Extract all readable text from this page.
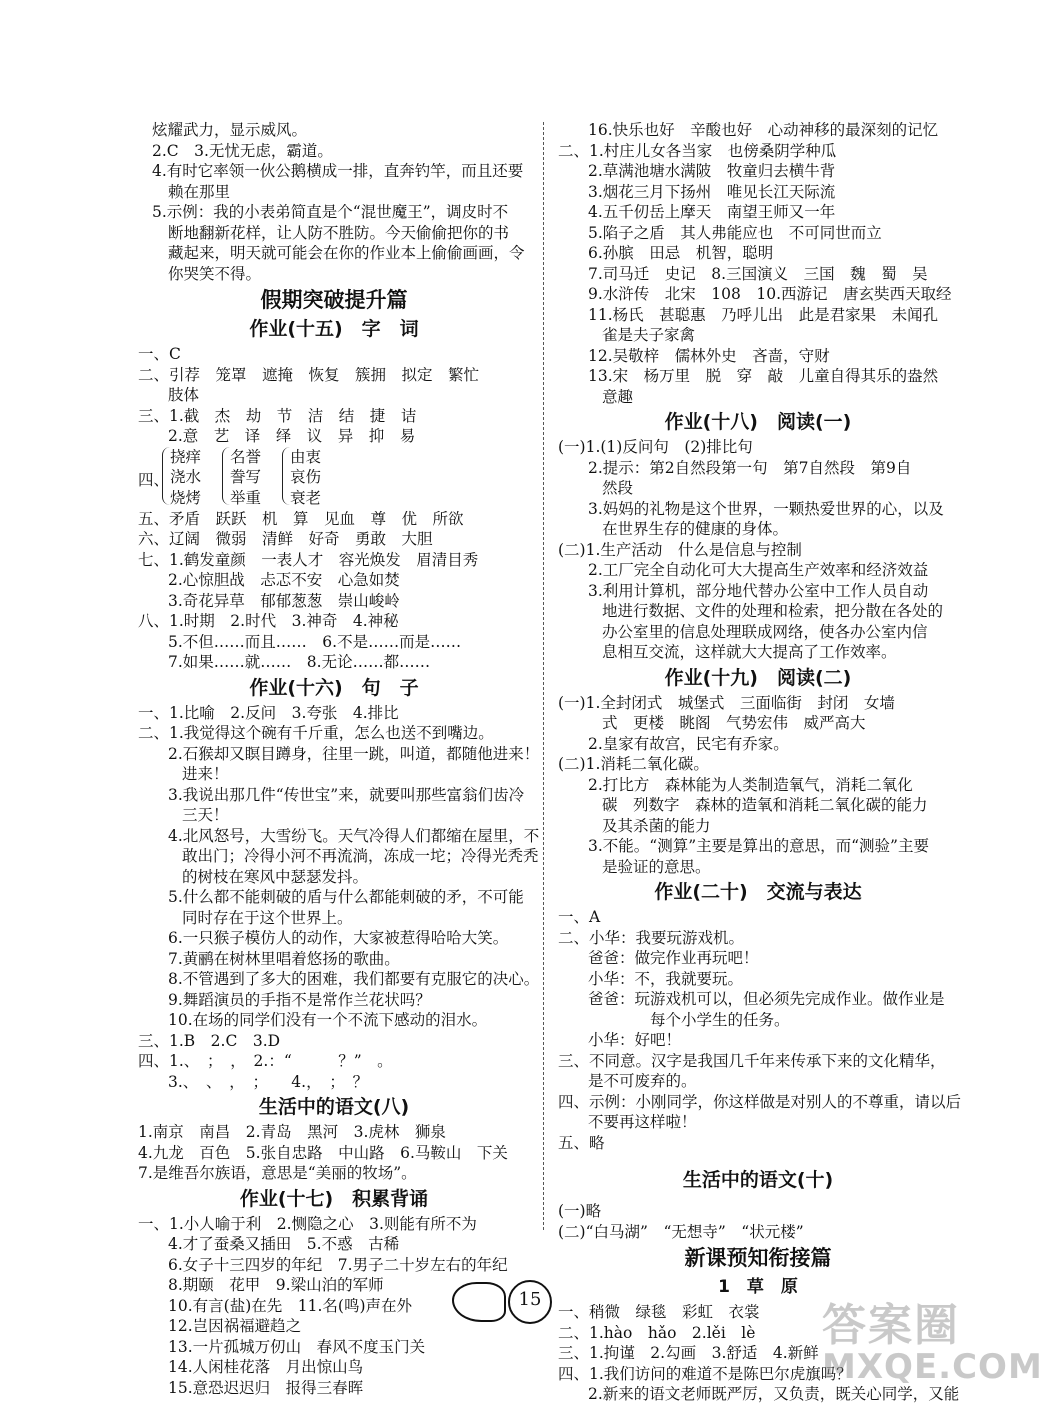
炫耀武力，显示威风。
2.C　3.无忧无虑，霸道。
4.有时它率领一伙公鹅横成一排，直奔钓竿，而且还要
赖在那里
5.示例：我的小表弟简直是个“混世魔王”，调皮时不
断地翻新花样，让人防不胜防。今天偷偷把你的书
藏起来，明天就可能会在你的作业本上偷偷画画，令
你哭笑不得。
假期突破提升篇
作业(十五)　字　词
一、C
二、引荐　笼罩　遮掩　恢复　簇拥　拟定　繁忙
肢体
三、1.截　杰　劫　节　洁　结　捷　诘
2.意　艺　译　绎　议　异　抑　易
四、
挠痒
浇水
烧烤
名誉
誊写
举重
由衷
哀伤
衰老
五、矛盾　跃跃　机　算　见血　尊　优　所欲
六、辽阔　微弱　清鲜　好奇　勇敢　大胆
七、1.鹤发童颜　一表人才　容光焕发　眉清目秀
2.心惊胆战　忐忑不安　心急如焚
3.奇花异草　郁郁葱葱　崇山峻岭
八、1.时期　2.时代　3.神奇　4.神秘
5.不但……而且……　6.不是……而是……
7.如果……就……　8.无论……都……
作业(十六)　句　子
一、1.比喻　2.反问　3.夸张　4.排比
二、1.我觉得这个碗有千斤重，怎么也送不到嘴边。
2.石猴却又瞑目蹲身，往里一跳，叫道，都随他进来！
进来！
3.我说出那几件“传世宝”来，就要叫那些富翁们齿冷
三天！
4.北风怒号，大雪纷飞。天气冷得人们都缩在屋里，不
敢出门；冷得小河不再流淌，冻成一坨；冷得光秃秃
的树枝在寒风中瑟瑟发抖。
5.什么都不能刺破的盾与什么都能刺破的矛，不可能
同时存在于这个世界上。
6.一只猴子模仿人的动作，大家被惹得哈哈大笑。
7.黄鹂在树林里唱着悠扬的歌曲。
8.不管遇到了多大的困难，我们都要有克服它的决心。
9.舞蹈演员的手指不是常作兰花状吗？
10.在场的同学们没有一个不流下感动的泪水。
三、1.B　2.C　3.D
四、1.、　；　，　2.：“　　　？”　。
3.、　、　，　；　　4.，　；　？
生活中的语文(八)
1.南京　南昌　2.青岛　黑河　3.虎林　狮泉
4.九龙　百色　5.张自忠路　中山路　6.马鞍山　下关
7.是维吾尔族语，意思是“美丽的牧场”。
作业(十七)　积累背诵
一、1.小人喻于利　2.恻隐之心　3.则能有所不为
4.才了蚕桑又插田　5.不惑　古稀
6.女子十三四岁的年纪　7.男子二十岁左右的年纪
8.期颐　花甲　9.梁山泊的军师
10.有言(盐)在先　11.名(鸣)声在外
12.岂因祸福避趋之
13.一片孤城万仞山　春风不度玉门关
14.人闲桂花落　月出惊山鸟
15.意恐迟迟归　报得三春晖
16.快乐也好　辛酸也好　心动神移的最深刻的记忆
二、1.村庄儿女各当家　也傍桑阴学种瓜
2.草满池塘水满陂　牧童归去横牛背
3.烟花三月下扬州　唯见长江天际流
4.五千仞岳上摩天　南望王师又一年
5.陷子之盾　其人弗能应也　不可同世而立
6.孙膑　田忌　机智，聪明
7.司马迁　史记　8.三国演义　三国　魏　蜀　吴
9.水浒传　北宋　108　10.西游记　唐玄奘西天取经
11.杨氏　甚聪惠　乃呼儿出　此是君家果　未闻孔
雀是夫子家禽
12.吴敬梓　儒林外史　吝啬，守财
13.宋　杨万里　脱　穿　敲　儿童自得其乐的盎然
意趣
作业(十八)　阅读(一)
(一)1.(1)反问句　(2)排比句
2.提示：第2自然段第一句　第7自然段　第9自
然段
3.妈妈的礼物是这个世界，一颗热爱世界的心，以及
在世界生存的健康的身体。
(二)1.生产活动　什么是信息与控制
2.工厂完全自动化可大大提高生产效率和经济效益
3.利用计算机，部分地代替办公室中工作人员自动
地进行数据、文件的处理和检索，把分散在各处的
办公室里的信息处理联成网络，使各办公室内信
息相互交流，这样就大大提高了工作效率。
作业(十九)　阅读(二)
(一)1.全封闭式　城堡式　三面临街　封闭　女墙
式　更楼　眺阁　气势宏伟　威严高大
2.皇家有故宫，民宅有乔家。
(二)1.消耗二氧化碳。
2.打比方　森林能为人类制造氧气，消耗二氧化
碳　列数字　森林的造氧和消耗二氧化碳的能力
及其杀菌的能力
3.不能。“测算”主要是算出的意思，而“测验”主要
是验证的意思。
作业(二十)　交流与表达
一、A
二、小华：我要玩游戏机。
爸爸：做完作业再玩吧！
小华：不，我就要玩。
爸爸：玩游戏机可以，但必须先完成作业。做作业是
每个小学生的任务。
小华：好吧！
三、不同意。汉字是我国几千年来传承下来的文化精华，
是不可废弃的。
四、示例：小刚同学，你这样做是对别人的不尊重，请以后
不要再这样啦！
五、略
生活中的语文(十)
(一)略
(二)“白马湖”　“无想寺”　“状元楼”
新课预知衔接篇
1　草　原
一、稍微　绿毯　彩虹　衣裳
二、1.hào　hǎo　2.lěi　lè
三、1.拘谨　2.勾画　3.舒适　4.新鲜
四、1.我们访问的难道不是陈巴尔虎旗吗？
2.新来的语文老师既严厉，又负责，既关心同学，又能
15
答案圈
MXQE.COM
